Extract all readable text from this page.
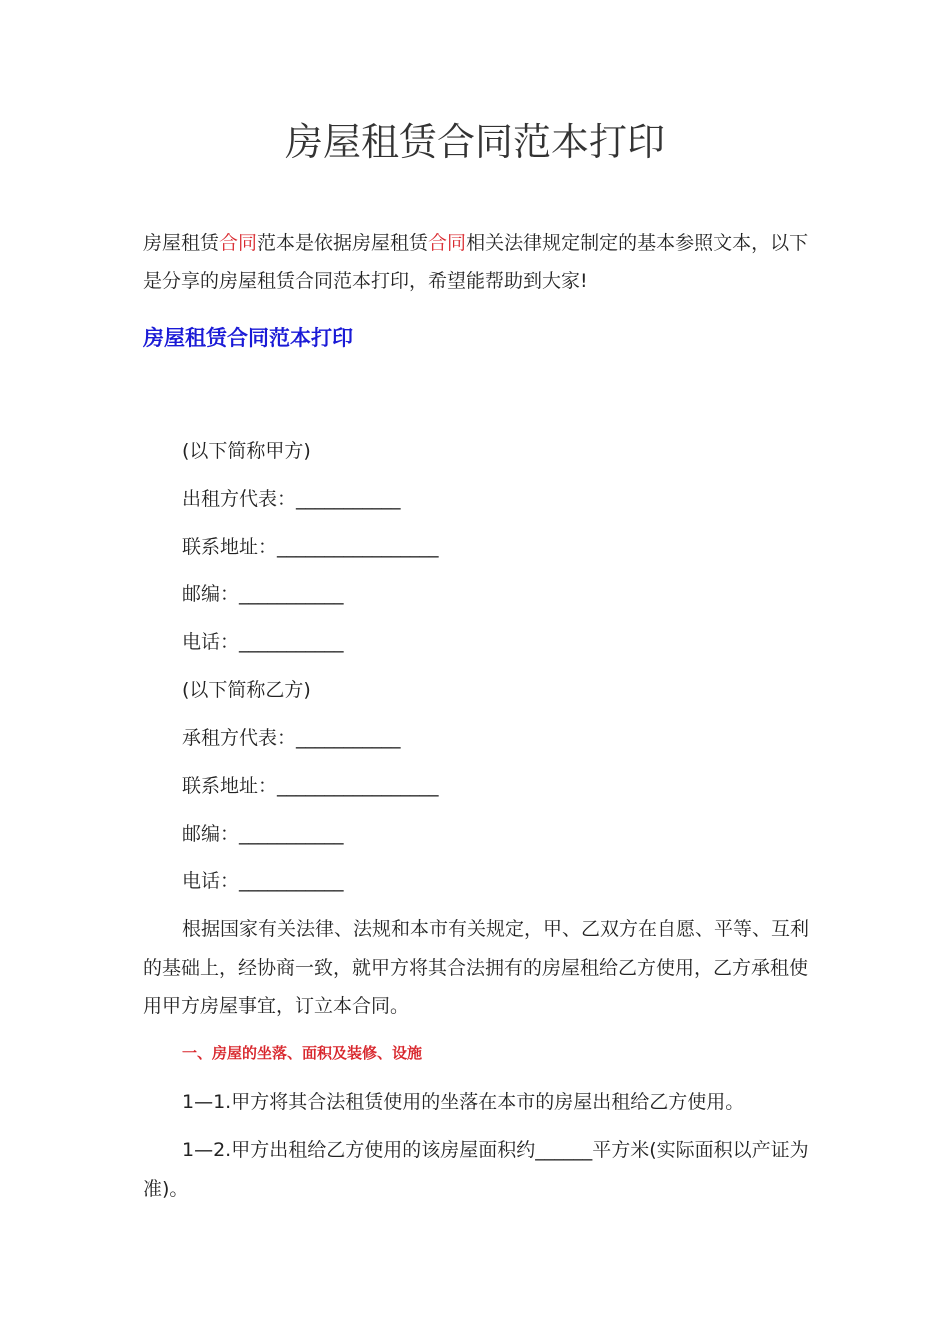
房屋租赁合同范本打印

房屋租赁合同范本是依据房屋租赁合同相关法律规定制定的基本参照文本，以下是分享的房屋租赁合同范本打印，希望能帮助到大家!

房屋租赁合同范本打印

(以下简称甲方)

出租方代表：___________

联系地址：_________________

邮编：___________

电话：___________

(以下简称乙方)

承租方代表：___________

联系地址：_________________

邮编：___________

电话：___________

根据国家有关法律、法规和本市有关规定，甲、乙双方在自愿、平等、互利的基础上，经协商一致，就甲方将其合法拥有的房屋租给乙方使用，乙方承租使用甲方房屋事宜，订立本合同。

一、房屋的坐落、面积及装修、设施

1—1.甲方将其合法租赁使用的坐落在本市的房屋出租给乙方使用。

1—2.甲方出租给乙方使用的该房屋面积约______平方米(实际面积以产证为准)。
